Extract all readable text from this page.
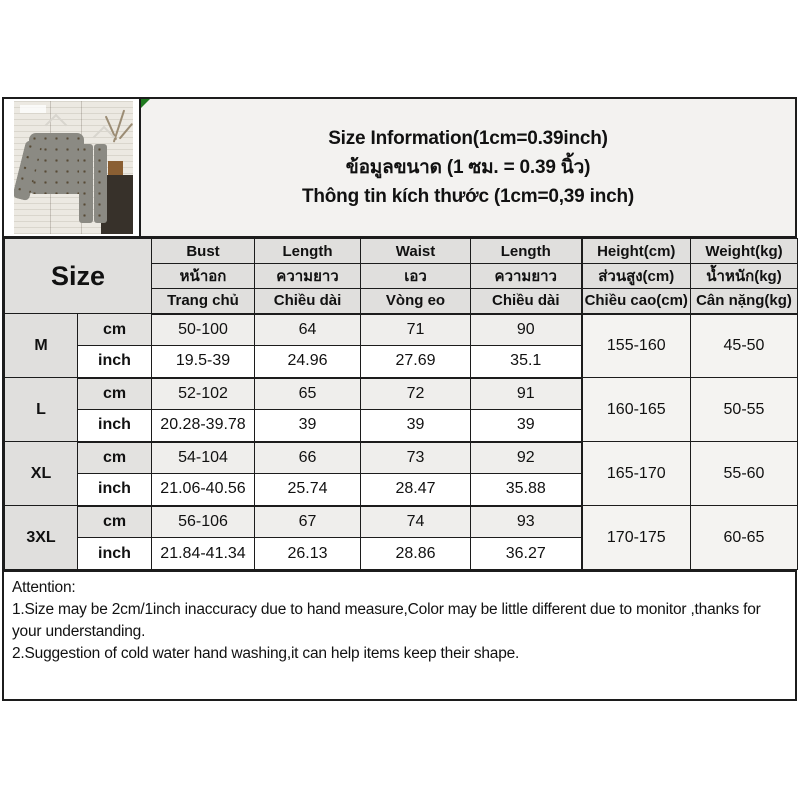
Size Information(1cm=0.39inch)
ข้อมูลขนาด (1 ซม. = 0.39 นิ้ว)
Thông tin kích thước (1cm=0,39 inch)
Size		Bust	Length	Waist	Length	Height(cm)	Weight(kg)
		หน้าอก	ความยาว	เอว	ความยาว	ส่วนสูง(cm)	น้ำหนัก(kg)
		Trang chủ	Chiều dài	Vòng eo	Chiều dài	Chiều cao(cm)	Cân nặng(kg)
M	cm	50-100	64	71	90	155-160	45-50
	inch	19.5-39	24.96	27.69	35.1		
L	cm	52-102	65	72	91	160-165	50-55
	inch	20.28-39.78	39	39	39		
XL	cm	54-104	66	73	92	165-170	55-60
	inch	21.06-40.56	25.74	28.47	35.88		
3XL	cm	56-106	67	74	93	170-175	60-65
	inch	21.84-41.34	26.13	28.86	36.27		
Attention:
1.Size may be 2cm/1inch inaccuracy due to hand measure,Color may be little different due to monitor ,thanks for your understanding.
2.Suggestion of cold water hand washing,it can help items keep their shape.
